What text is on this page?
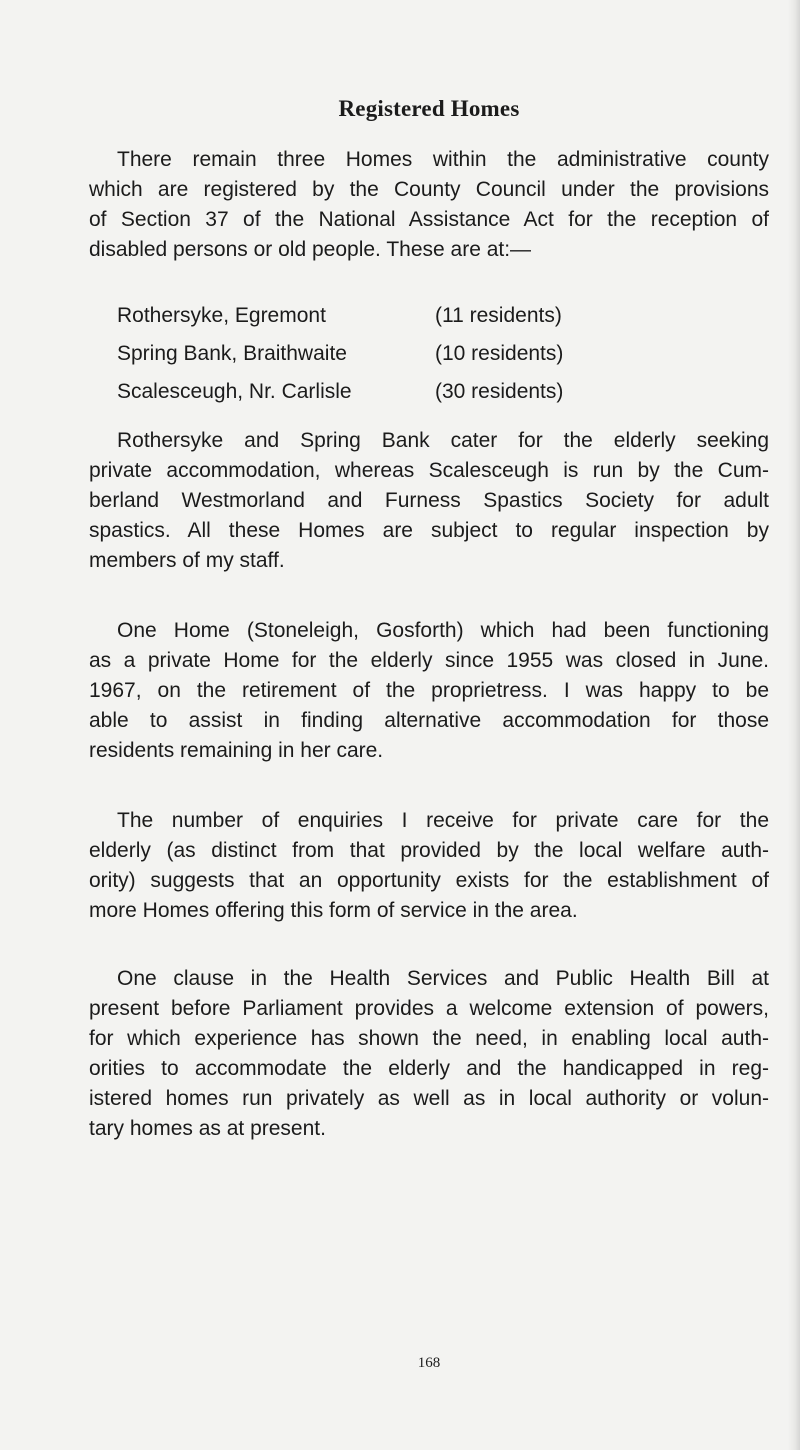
Registered Homes
There remain three Homes within the administrative county
which are registered by the County Council under the provisions
of Section 37 of the National Assistance Act for the reception of
disabled persons or old people. These are at:—
Rothersyke, Egremont	(11 residents)
Spring Bank, Braithwaite	(10 residents)
Scalesceugh, Nr. Carlisle	(30 residents)
Rothersyke and Spring Bank cater for the elderly seeking
private accommodation, whereas Scalesceugh is run by the Cum-
berland Westmorland and Furness Spastics Society for adult
spastics. All these Homes are subject to regular inspection by
members of my staff.
One Home (Stoneleigh, Gosforth) which had been functioning
as a private Home for the elderly since 1955 was closed in June.
1967, on the retirement of the proprietress. I was happy to be
able to assist in finding alternative accommodation for those
residents remaining in her care.
The number of enquiries I receive for private care for the
elderly (as distinct from that provided by the local welfare auth-
ority) suggests that an opportunity exists for the establishment of
more Homes offering this form of service in the area.
One clause in the Health Services and Public Health Bill at
present before Parliament provides a welcome extension of powers,
for which experience has shown the need, in enabling local auth-
orities to accommodate the elderly and the handicapped in reg-
istered homes run privately as well as in local authority or volun-
tary homes as at present.
168
